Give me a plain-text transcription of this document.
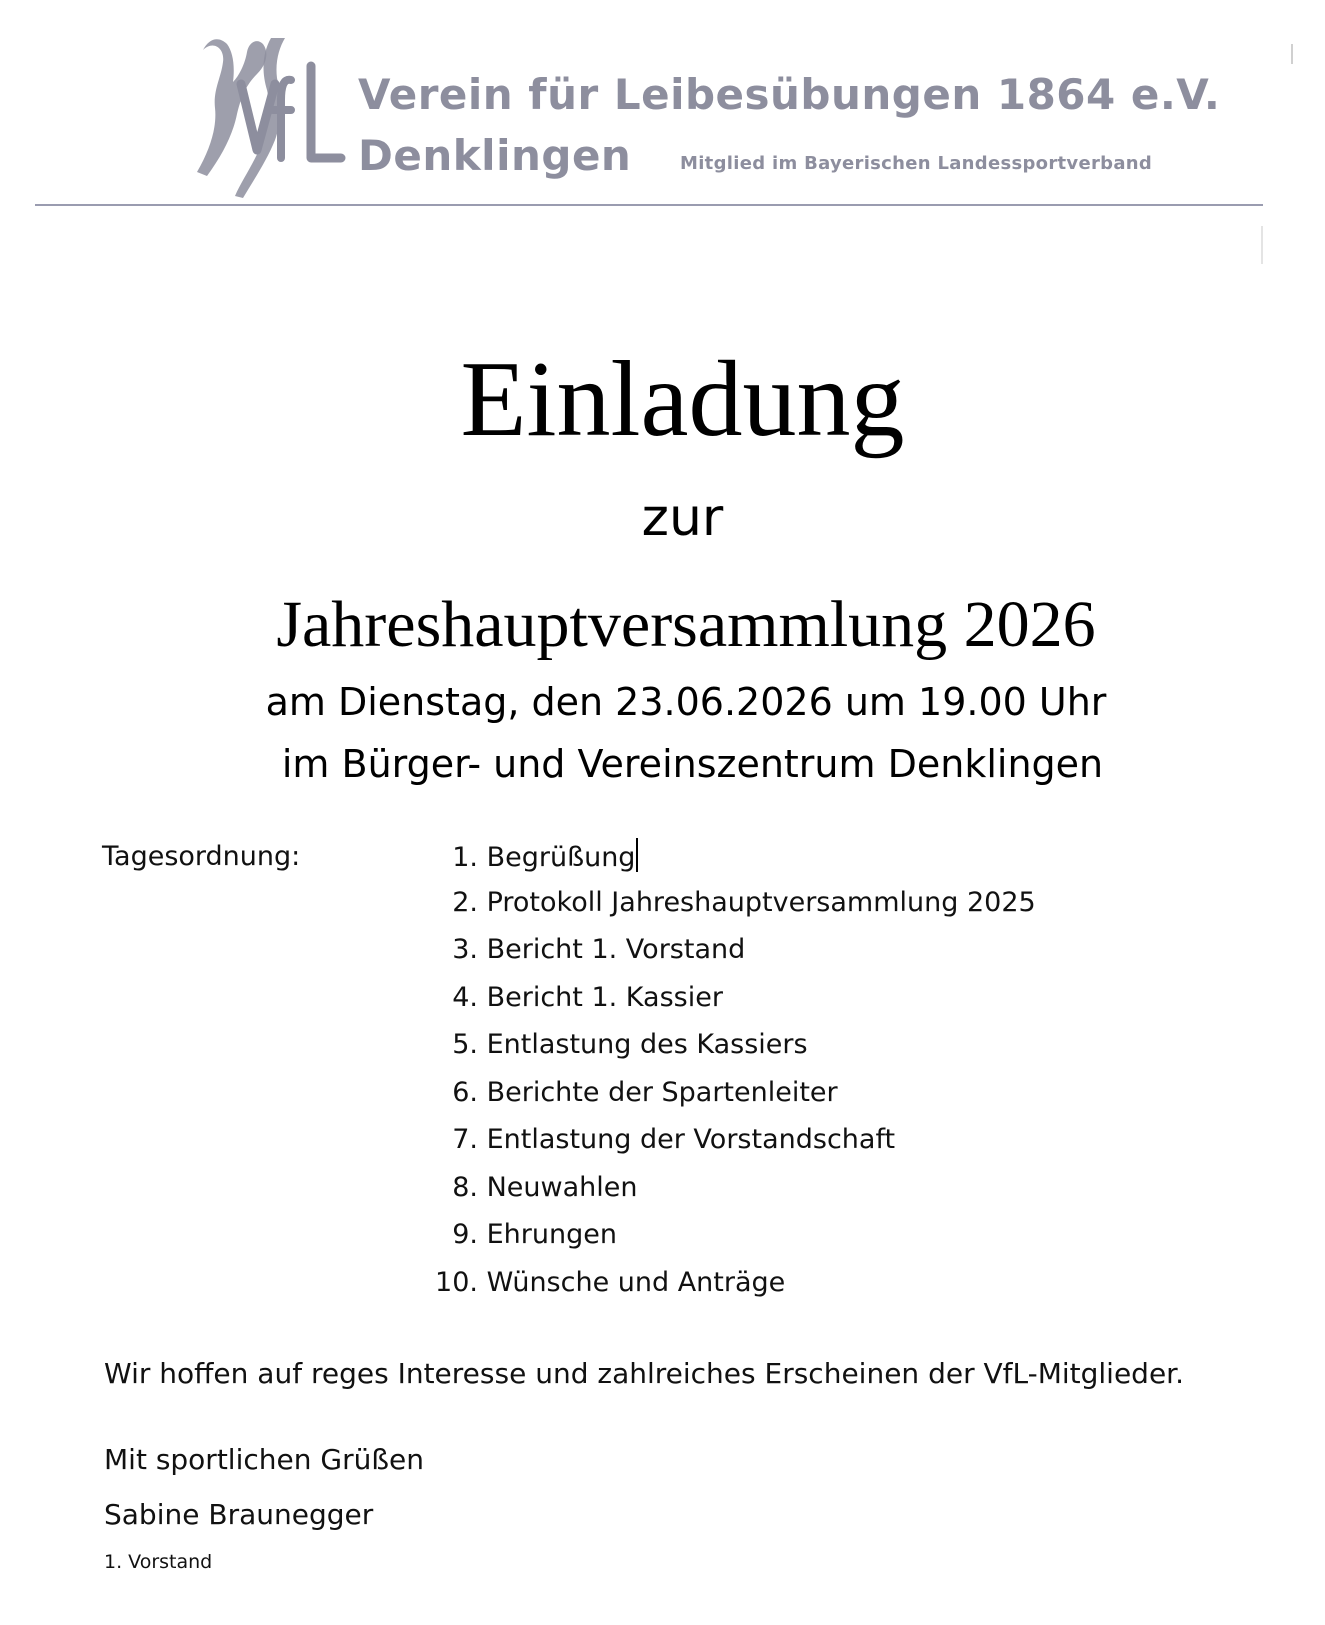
Verein für Leibesübungen 1864 e.V.
Denklingen	Mitglied im Bayerischen Landessportverband
Einladung
zur
Jahreshauptversammlung 2026
am Dienstag, den 23.06.2026 um 19.00 Uhr
im Bürger- und Vereinszentrum Denklingen
Tagesordnung:	1. Begrüßung
2. Protokoll Jahreshauptversammlung 2025
3. Bericht 1. Vorstand
4. Bericht 1. Kassier
5. Entlastung des Kassiers
6. Berichte der Spartenleiter
7. Entlastung der Vorstandschaft
8. Neuwahlen
9. Ehrungen
10. Wünsche und Anträge
Wir hoffen auf reges Interesse und zahlreiches Erscheinen der VfL-Mitglieder.
Mit sportlichen Grüßen
Sabine Braunegger
1. Vorstand
